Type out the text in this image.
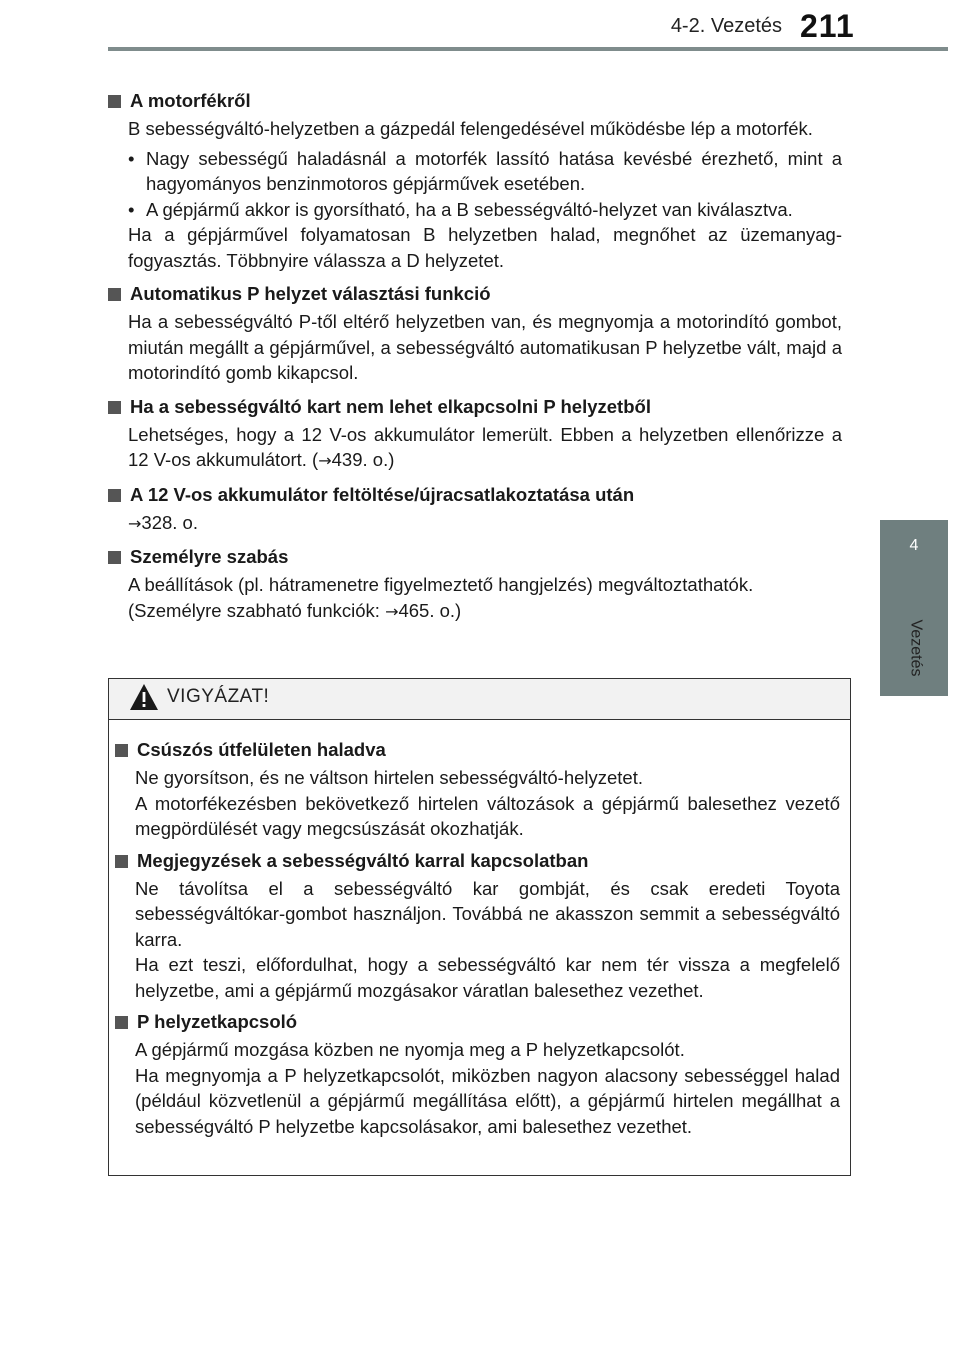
4-2. Vezetés 211
4
Vezetés
A motorfékről
B sebességváltó-helyzetben a gázpedál felengedésével működésbe lép a motorfék.
• Nagy sebességű haladásnál a motorfék lassító hatása kevésbé érezhető, mint a hagyományos benzinmotoros gépjárművek esetében.
• A gépjármű akkor is gyorsítható, ha a B sebességváltó-helyzet van kiválasztva.
Ha a gépjárművel folyamatosan B helyzetben halad, megnőhet az üzemanyag-fogyasztás. Többnyire válassza a D helyzetet.
Automatikus P helyzet választási funkció
Ha a sebességváltó P-től eltérő helyzetben van, és megnyomja a motorindító gombot, miután megállt a gépjárművel, a sebességváltó automatikusan P helyzetbe vált, majd a motorindító gomb kikapcsol.
Ha a sebességváltó kart nem lehet elkapcsolni P helyzetből
Lehetséges, hogy a 12 V-os akkumulátor lemerült. Ebben a helyzetben ellenőrizze a 12 V-os akkumulátort. (→439. o.)
A 12 V-os akkumulátor feltöltése/újracsatlakoztatása után
→328. o.
Személyre szabás
A beállítások (pl. hátramenetre figyelmeztető hangjelzés) megváltoztathatók.
(Személyre szabható funkciók: →465. o.)
VIGYÁZAT!
Csúszós útfelületen haladva
Ne gyorsítson, és ne váltson hirtelen sebességváltó-helyzetet.
A motorfékezésben bekövetkező hirtelen változások a gépjármű balesethez vezető megpördülését vagy megcsúszását okozhatják.
Megjegyzések a sebességváltó karral kapcsolatban
Ne távolítsa el a sebességváltó kar gombját, és csak eredeti Toyota sebességváltókar-gombot használjon. Továbbá ne akasszon semmit a sebességváltó karra.
Ha ezt teszi, előfordulhat, hogy a sebességváltó kar nem tér vissza a megfelelő helyzetbe, ami a gépjármű mozgásakor váratlan balesethez vezethet.
P helyzetkapcsoló
A gépjármű mozgása közben ne nyomja meg a P helyzetkapcsolót.
Ha megnyomja a P helyzetkapcsolót, miközben nagyon alacsony sebességgel halad (például közvetlenül a gépjármű megállítása előtt), a gépjármű hirtelen megállhat a sebességváltó P helyzetbe kapcsolásakor, ami balesethez vezethet.
